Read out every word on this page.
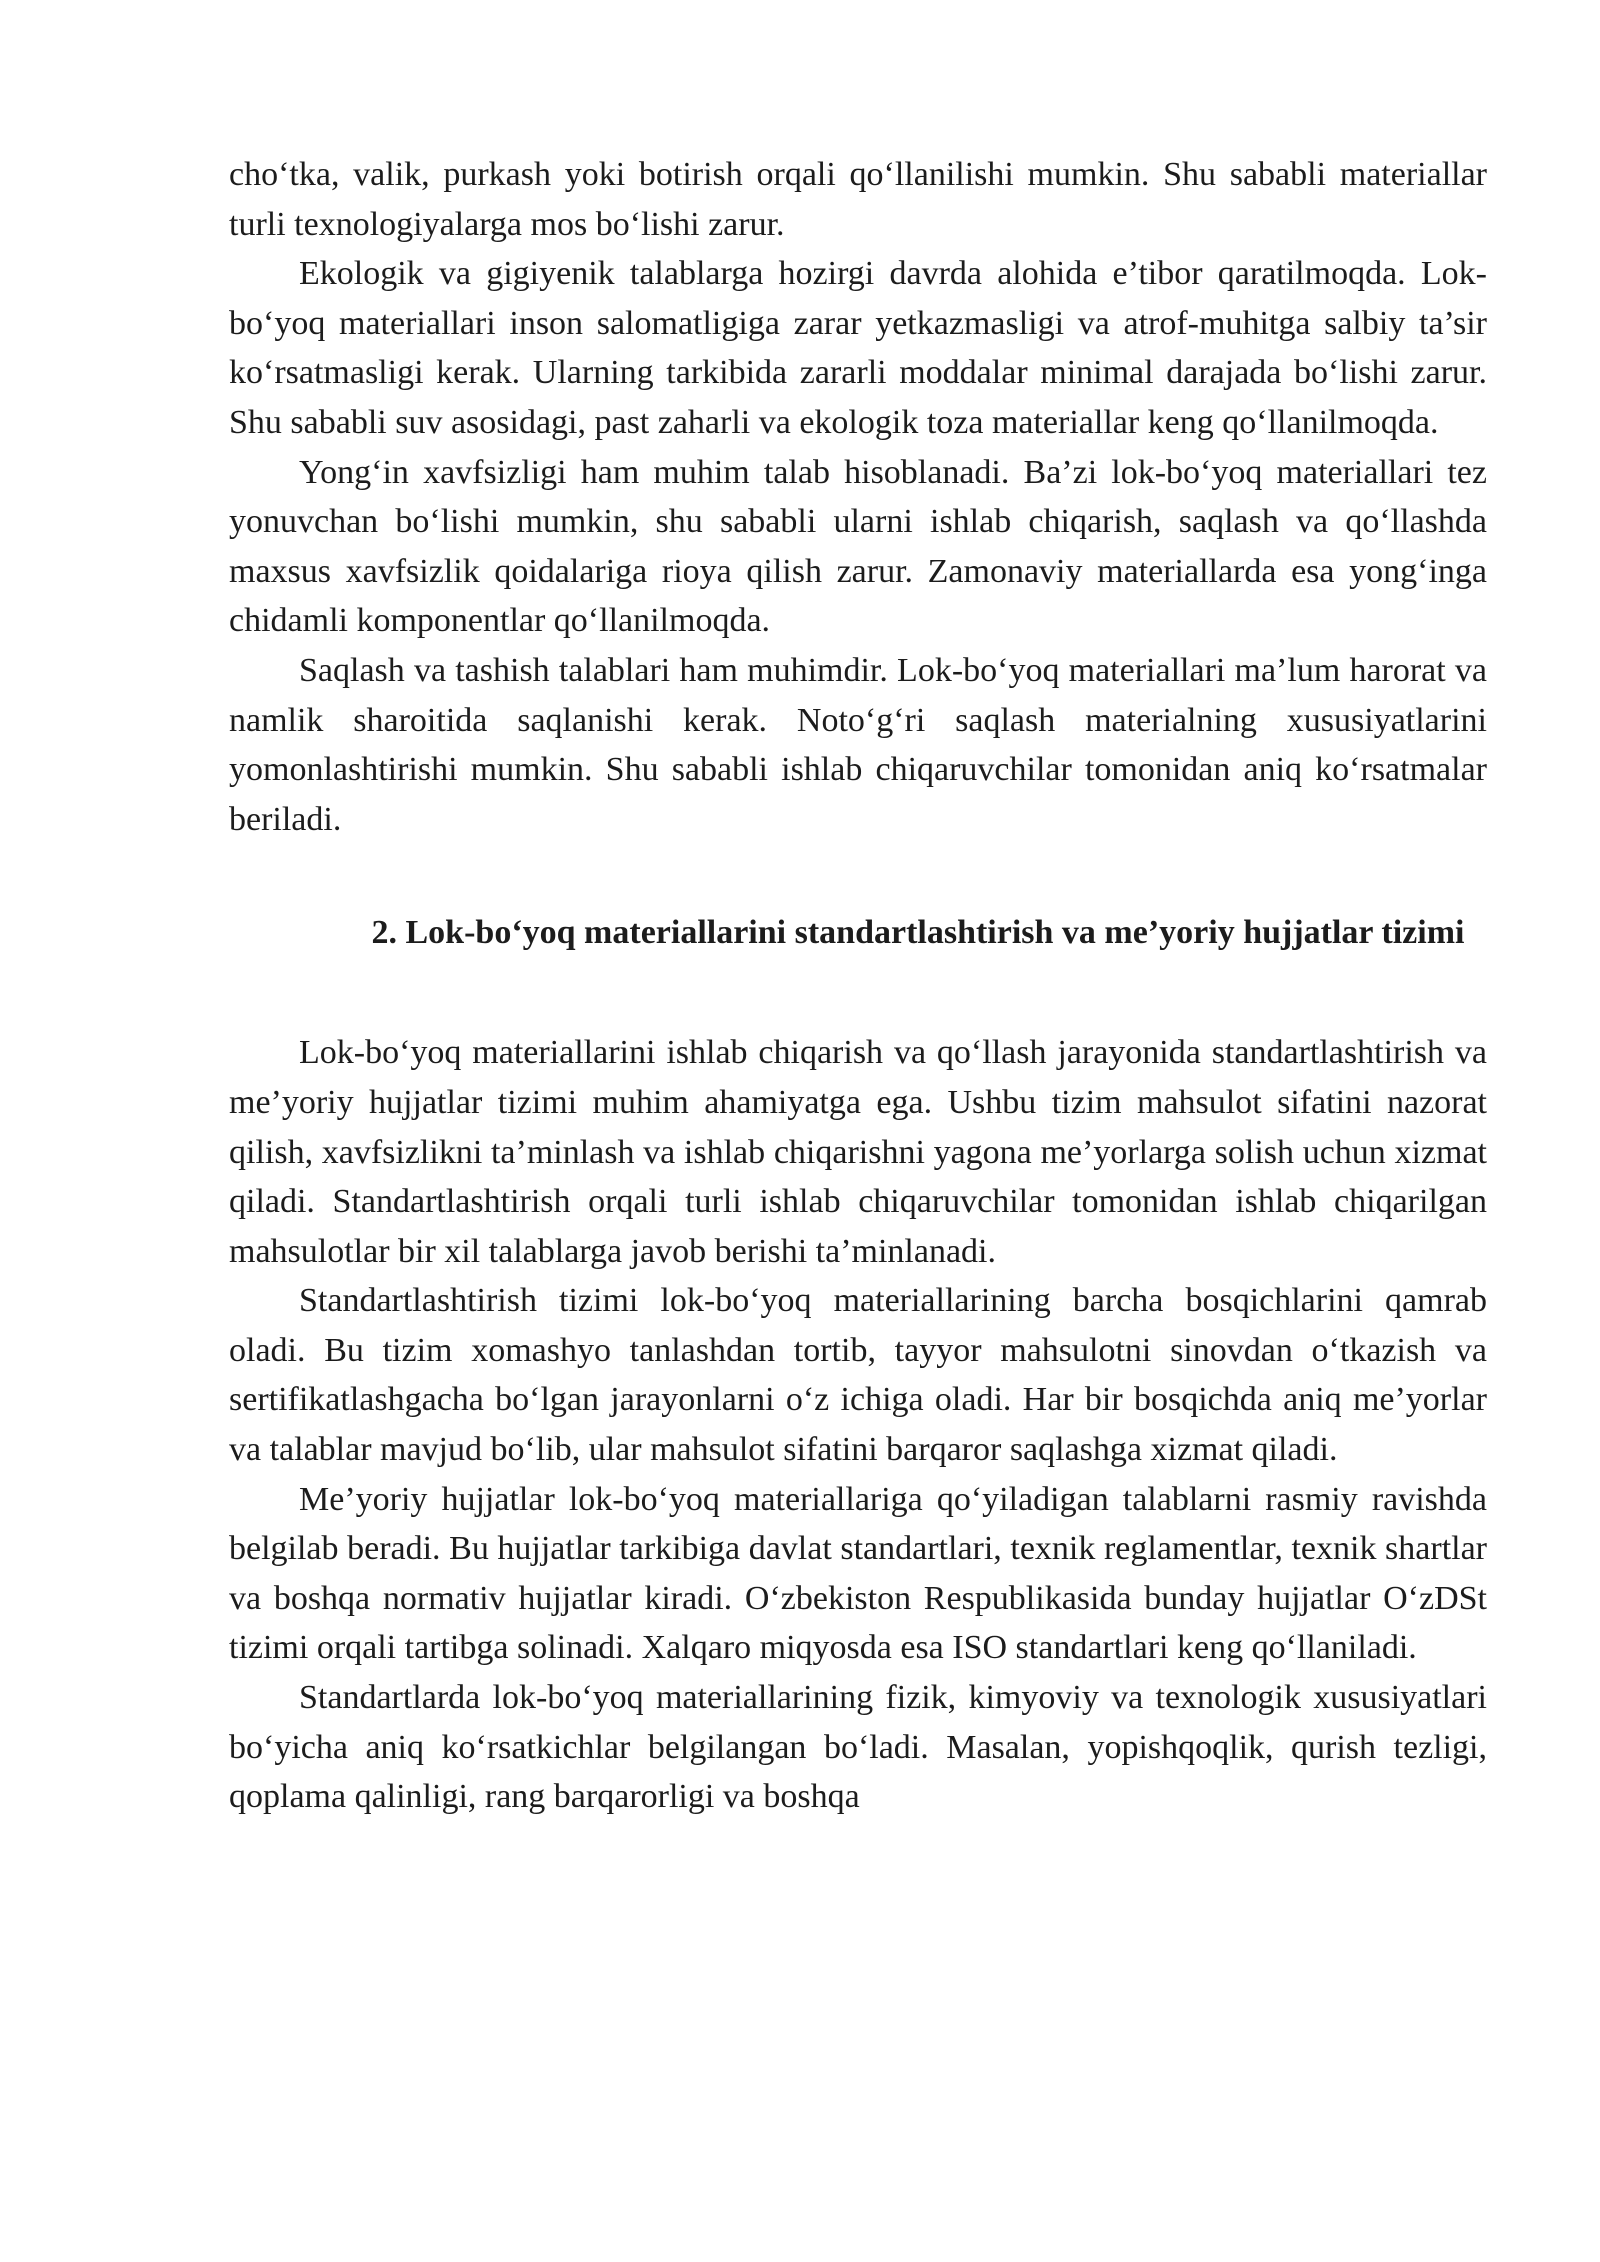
cho‘tka, valik, purkash yoki botirish orqali qo‘llanilishi mumkin. Shu sababli materiallar turli texnologiyalarga mos bo‘lishi zarur.

Ekologik va gigiyenik talablarga hozirgi davrda alohida e’tibor qaratilmoqda. Lok-bo‘yoq materiallari inson salomatligiga zarar yetkazmasligi va atrof-muhitga salbiy ta’sir ko‘rsatmasligi kerak. Ularning tarkibida zararli moddalar minimal darajada bo‘lishi zarur. Shu sababli suv asosidagi, past zaharli va ekologik toza materiallar keng qo‘llanilmoqda.

Yong‘in xavfsizligi ham muhim talab hisoblanadi. Ba’zi lok-bo‘yoq materiallari tez yonuvchan bo‘lishi mumkin, shu sababli ularni ishlab chiqarish, saqlash va qo‘llashda maxsus xavfsizlik qoidalariga rioya qilish zarur. Zamonaviy materiallarda esa yong‘inga chidamli komponentlar qo‘llanilmoqda.

Saqlash va tashish talablari ham muhimdir. Lok-bo‘yoq materiallari ma’lum harorat va namlik sharoitida saqlanishi kerak. Noto‘g‘ri saqlash materialning xususiyatlarini yomonlashtirishi mumkin. Shu sababli ishlab chiqaruvchilar tomonidan aniq ko‘rsatmalar beriladi.

2. Lok-bo‘yoq materiallarini standartlashtirish va me’yoriy hujjatlar tizimi

Lok-bo‘yoq materiallarini ishlab chiqarish va qo‘llash jarayonida standartlashtirish va me’yoriy hujjatlar tizimi muhim ahamiyatga ega. Ushbu tizim mahsulot sifatini nazorat qilish, xavfsizlikni ta’minlash va ishlab chiqarishni yagona me’yorlarga solish uchun xizmat qiladi. Standartlashtirish orqali turli ishlab chiqaruvchilar tomonidan ishlab chiqarilgan mahsulotlar bir xil talablarga javob berishi ta’minlanadi.

Standartlashtirish tizimi lok-bo‘yoq materiallarining barcha bosqichlarini qamrab oladi. Bu tizim xomashyo tanlashdan tortib, tayyor mahsulotni sinovdan o‘tkazish va sertifikatlashgacha bo‘lgan jarayonlarni o‘z ichiga oladi. Har bir bosqichda aniq me’yorlar va talablar mavjud bo‘lib, ular mahsulot sifatini barqaror saqlashga xizmat qiladi.

Me’yoriy hujjatlar lok-bo‘yoq materiallariga qo‘yiladigan talablarni rasmiy ravishda belgilab beradi. Bu hujjatlar tarkibiga davlat standartlari, texnik reglamentlar, texnik shartlar va boshqa normativ hujjatlar kiradi. O‘zbekiston Respublikasida bunday hujjatlar O‘zDSt tizimi orqali tartibga solinadi. Xalqaro miqyosda esa ISO standartlari keng qo‘llaniladi.

Standartlarda lok-bo‘yoq materiallarining fizik, kimyoviy va texnologik xususiyatlari bo‘yicha aniq ko‘rsatkichlar belgilangan bo‘ladi. Masalan, yopishqoqlik, qurish tezligi, qoplama qalinligi, rang barqarorligi va boshqa
